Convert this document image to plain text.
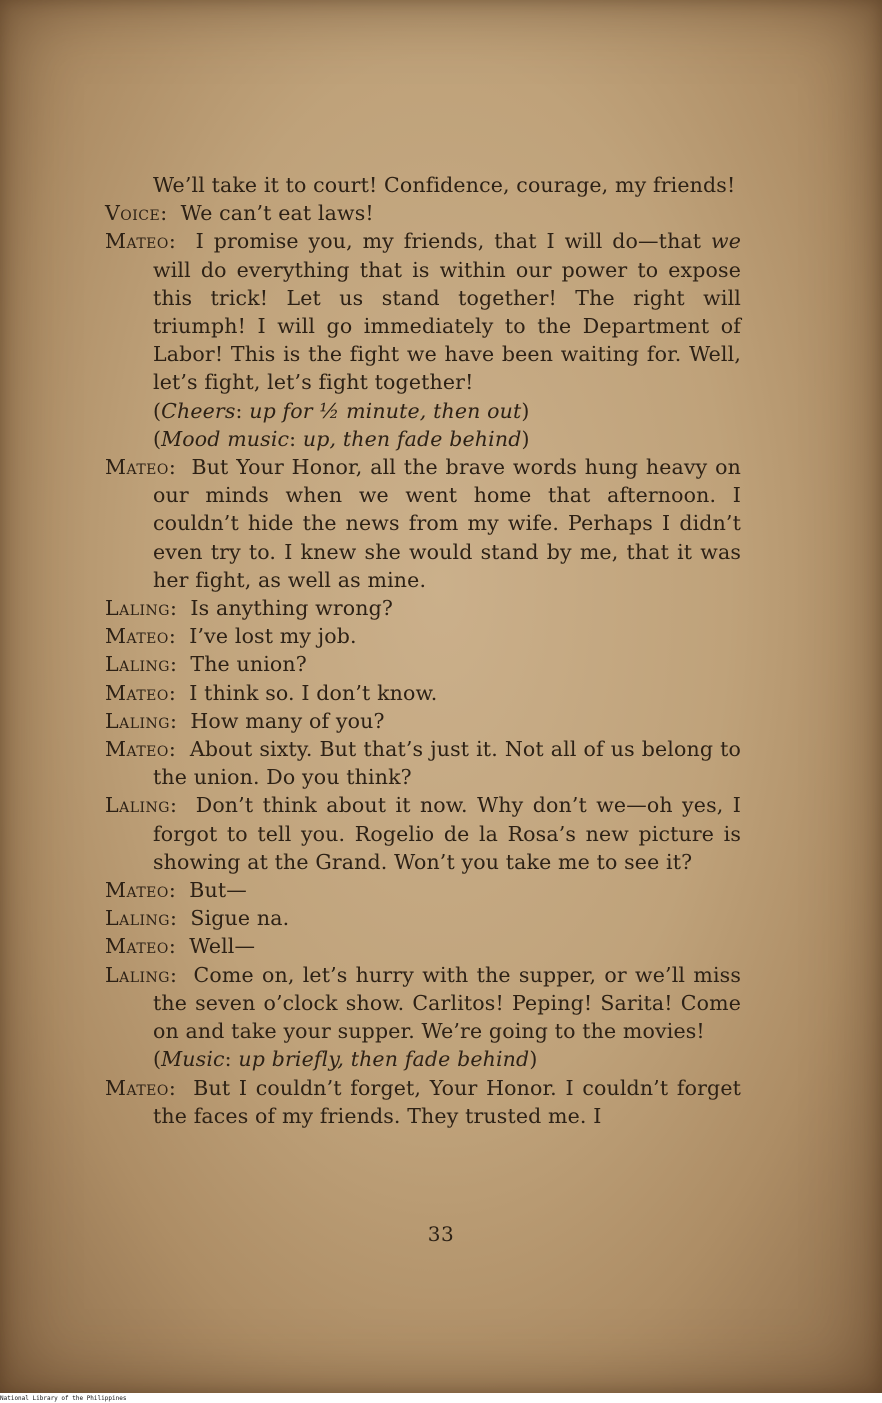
We’ll take it to court! Confidence, courage, my friends!

Voice:  We can’t eat laws!

Mateo:  I promise you, my friends, that I will do—that we will do everything that is within our power to expose this trick! Let us stand together! The right will triumph! I will go immediately to the Department of Labor! This is the fight we have been waiting for. Well, let’s fight, let’s fight together!

(Cheers: up for ½ minute, then out)

(Mood music: up, then fade behind)

Mateo:  But Your Honor, all the brave words hung heavy on our minds when we went home that afternoon. I couldn’t hide the news from my wife. Perhaps I didn’t even try to. I knew she would stand by me, that it was her fight, as well as mine.

Laling:  Is anything wrong?

Mateo:  I’ve lost my job.

Laling:  The union?

Mateo:  I think so. I don’t know.

Laling:  How many of you?

Mateo:  About sixty. But that’s just it. Not all of us belong to the union. Do you think?

Laling:  Don’t think about it now. Why don’t we—oh yes, I forgot to tell you. Rogelio de la Rosa’s new picture is showing at the Grand. Won’t you take me to see it?

Mateo:  But—

Laling:  Sigue na.

Mateo:  Well—

Laling:  Come on, let’s hurry with the supper, or we’ll miss the seven o’clock show. Carlitos! Peping! Sarita! Come on and take your supper. We’re going to the movies!

(Music: up briefly, then fade behind)

Mateo:  But I couldn’t forget, Your Honor. I couldn’t forget the faces of my friends. They trusted me. I

33
National Library of the Philippines
